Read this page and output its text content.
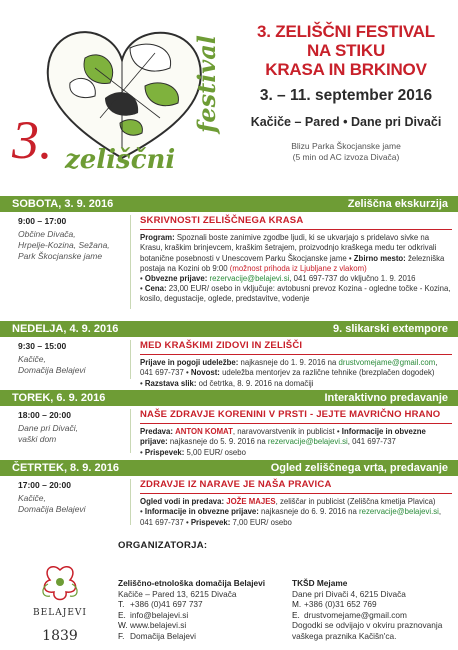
3. zeliščni
festival
3. ZELIŠČNI FESTIVAL
NA STIKU
KRASA IN BRKINOV
3. – 11. september 2016
Kačiče – Pared • Dane pri Divači
Blizu Parka Škocjanske jame
(5 min od AC izvoza Divača)
SOBOTA, 3. 9. 2016	Zeliščna ekskurzija
9:00 – 17:00
Občine Divača,
Hrpelje-Kozina, Sežana,
Park Škocjanske jame
SKRIVNOSTI ZELIŠČNEGA KRASA
Program: Spoznali boste zanimive zgodbe ljudi, ki se ukvarjajo s pridelavo sivke na Krasu, kraškim brinjevcem, kraškim šetrajem, proizvodnjo kraškega medu ter odkrivali botanične posebnosti v Unescovem Parku Škocjanske jame • Zbirno mesto: železniška postaja na Kozini ob 9:00 (možnost prihoda iz Ljubljane z vlakom)
• Obvezne prijave: rezervacije@belajevi.si, 041 697-737 do vključno 1. 9. 2016
• Cena: 23,00 EUR/ osebo in vključuje: avtobusni prevoz Kozina - ogledne točke - Kozina, kosilo, degustacije, oglede, predstavitve, vodenje
NEDELJA, 4. 9. 2016	9. slikarski extempore
9:30 – 15:00
Kačiče,
Domačija Belajevi
MED KRAŠKIMI ZIDOVI IN ZELIŠČI
Prijave in pogoji udeležbe: najkasneje do 1. 9. 2016 na drustvomejame@gmail.com, 041 697-737 • Novost: udeležba mentorjev za različne tehnike (brezplačen dogodek)
• Razstava slik: od četrtka, 8. 9. 2016 na domačiji
TOREK, 6. 9. 2016	Interaktivno predavanje
18:00 – 20:00
Dane pri Divači,
vaški dom
NAŠE ZDRAVJE KORENINI V PRSTI - JEJTE MAVRIČNO HRANO
Predava: ANTON KOMAT, naravovarstvenik in publicist • Informacije in obvezne prijave: najkasneje do 5. 9. 2016 na rezervacije@belajevi.si, 041 697-737
• Prispevek: 5,00 EUR/ osebo
ČETRTEK, 8. 9. 2016	Ogled zeliščnega vrta, predavanje
17:00 – 20:00
Kačiče,
Domačija Belajevi
ZDRAVJE IZ NARAVE JE NAŠA PRAVICA
Ogled vodi in predava: JOŽE MAJES, zeliščar in publicist (Zeliščna kmetija Plavica)
• Informacije in obvezne prijave: najkasneje do 6. 9. 2016 na rezervacije@belajevi.si, 041 697-737 • Prispevek: 7,00 EUR/ osebo
BELAJEVI
1839
ORGANIZATORJA:
Zeliščno-etnološka domačija Belajevi
Kačiče – Pared 13, 6215 Divača
T. +386 (0)41 697 737
E. info@belajevi.si
W. www.belajevi.si
F. Domačija Belajevi
TKŠD Mejame
Dane pri Divači 4, 6215 Divača
M. +386 (0)31 652 769
E. drustvomejame@gmail.com
Dogodki se odvijajo v okviru praznovanja
vaškega praznika Kačišn'ca.
